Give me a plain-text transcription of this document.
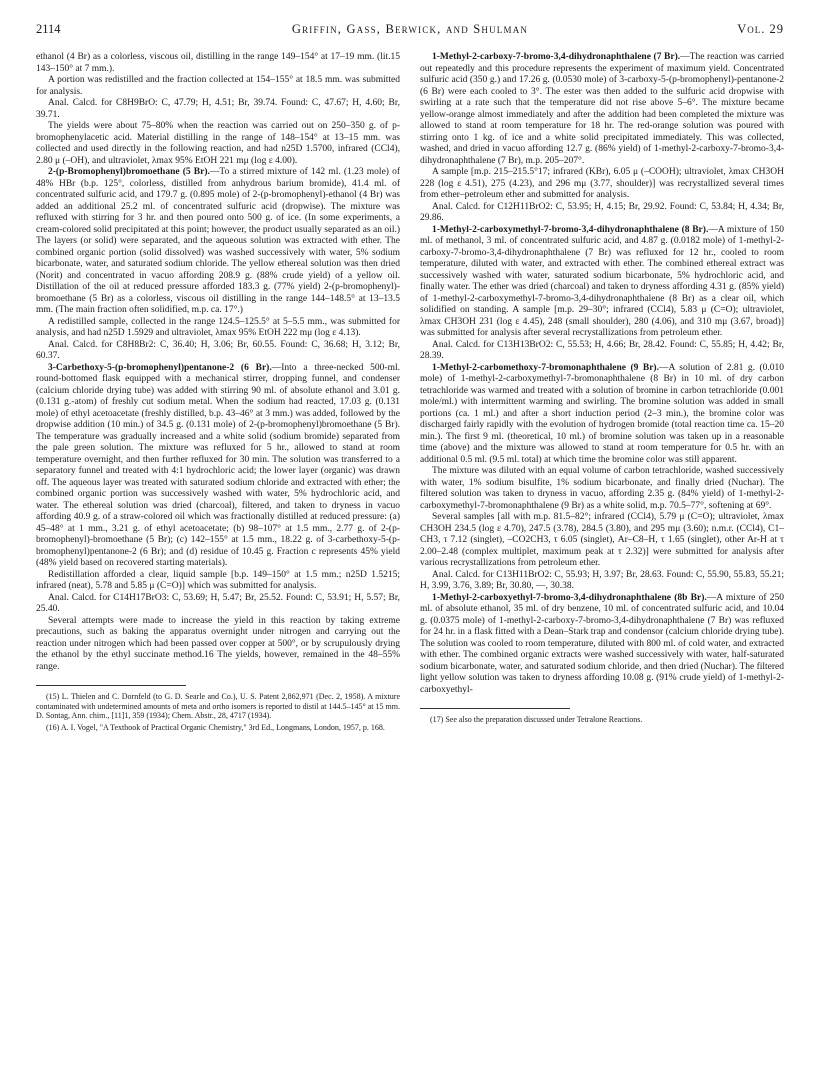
2114	Griffin, Gass, Berwick, and Shulman	Vol. 29

ethanol (4 Br) as a colorless, viscous oil, distilling in the range 149–154° at 17–19 mm. (lit.15 143–150° at 7 mm.).

A portion was redistilled and the fraction collected at 154–155° at 18.5 mm. was submitted for analysis.

Anal. Calcd. for C8H9BrO: C, 47.79; H, 4.51; Br, 39.74. Found: C, 47.67; H, 4.60; Br, 39.71.

The yields were about 75–80% when the reaction was carried out on 250–350 g. of p-bromophenylacetic acid. Material distilling in the range of 148–154° at 13–15 mm. was collected and used directly in the following reaction, and had n25D 1.5700, infrared (CCl4), 2.80 μ (–OH), and ultraviolet, λmax 95% EtOH 221 mμ (log ε 4.00).

2-(p-Bromophenyl)bromoethane (5 Br).—To a stirred mixture of 142 ml. (1.23 mole) of 48% HBr (b.p. 125°, colorless, distilled from anhydrous barium bromide), 41.4 ml. of concentrated sulfuric acid, and 179.7 g. (0.895 mole) of 2-(p-bromophenyl)-ethanol (4 Br) was added an additional 25.2 ml. of concentrated sulfuric acid (dropwise). The mixture was refluxed with stirring for 3 hr. and then poured onto 500 g. of ice. (In some experiments, a cream-colored solid precipitated at this point; however, the product usually separated as an oil.) The layers (or solid) were separated, and the aqueous solution was extracted with ether. The combined organic portion (solid dissolved) was washed successively with water, 5% sodium bicarbonate, water, and saturated sodium chloride. The yellow ethereal solution was then dried (Norit) and concentrated in vacuo affording 208.9 g. (88% crude yield) of a yellow oil. Distillation of the oil at reduced pressure afforded 183.3 g. (77% yield) 2-(p-bromophenyl)-bromoethane (5 Br) as a colorless, viscous oil distilling in the range 144–148.5° at 13–13.5 mm. (The main fraction often solidified, m.p. ca. 17°.)

A redistilled sample, collected in the range 124.5–125.5° at 5–5.5 mm., was submitted for analysis, and had n25D 1.5929 and ultraviolet, λmax 95% EtOH 222 mμ (log ε 4.13).

Anal. Calcd. for C8H8Br2: C, 36.40; H, 3.06; Br, 60.55. Found: C, 36.68; H, 3.12; Br, 60.37.

3-Carbethoxy-5-(p-bromophenyl)pentanone-2 (6 Br).—Into a three-necked 500-ml. round-bottomed flask equipped with a mechanical stirrer, dropping funnel, and condenser (calcium chloride drying tube) was added with stirring 90 ml. of absolute ethanol and 3.01 g. (0.131 g.-atom) of freshly cut sodium metal. When the sodium had reacted, 17.03 g. (0.131 mole) of ethyl acetoacetate (freshly distilled, b.p. 43–46° at 3 mm.) was added, followed by the dropwise addition (10 min.) of 34.5 g. (0.131 mole) of 2-(p-bromophenyl)bromoethane (5 Br). The temperature was gradually increased and a white solid (sodium bromide) separated from the pale green solution. The mixture was refluxed for 5 hr., allowed to stand at room temperature overnight, and then further refluxed for 30 min. The solution was transferred to a separatory funnel and treated with 4:1 hydrochloric acid; the lower layer (organic) was drawn off. The aqueous layer was treated with saturated sodium chloride and extracted with ether; the combined organic portion was successively washed with water, 5% hydrochloric acid, and water. The ethereal solution was dried (charcoal), filtered, and taken to dryness in vacuo affording 40.9 g. of a straw-colored oil which was fractionally distilled at reduced pressure: (a) 45–48° at 1 mm., 3.21 g. of ethyl acetoacetate; (b) 98–107° at 1.5 mm., 2.77 g. of 2-(p-bromophenyl)-bromoethane (5 Br); (c) 142–155° at 1.5 mm., 18.22 g. of 3-carbethoxy-5-(p-bromophenyl)pentanone-2 (6 Br); and (d) residue of 10.45 g. Fraction c represents 45% yield (48% yield based on recovered starting materials).

Redistillation afforded a clear, liquid sample [b.p. 149–150° at 1.5 mm.; n25D 1.5215; infrared (neat), 5.78 and 5.85 μ (C=O)] which was submitted for analysis.

Anal. Calcd. for C14H17BrO3: C, 53.69; H, 5.47; Br, 25.52. Found: C, 53.91; H, 5.57; Br, 25.40.

Several attempts were made to increase the yield in this reaction by taking extreme precautions, such as baking the apparatus overnight under nitrogen and carrying out the reaction under nitrogen which had been passed over copper at 500°, or by scrupulously drying the ethanol by the ethyl succinate method.16 The yields, however, remained in the 48–55% range.

(15) L. Thielen and C. Dornfeld (to G. D. Searle and Co.), U. S. Patent 2,862,971 (Dec. 2, 1958). A mixture contaminated with undetermined amounts of meta and ortho isomers is reported to distil at 144.5–145° at 15 mm. D. Sontag, Ann. chim., [11]1, 359 (1934); Chem. Abstr., 28, 4717 (1934).

(16) A. I. Vogel, "A Textbook of Practical Organic Chemistry," 3rd Ed., Longmans, London, 1957, p. 168.

1-Methyl-2-carboxy-7-bromo-3,4-dihydronaphthalene (7 Br).—The reaction was carried out repeatedly and this procedure represents the experiment of maximum yield. Concentrated sulfuric acid (350 g.) and 17.26 g. (0.0530 mole) of 3-carboxy-5-(p-bromophenyl)-pentanone-2 (6 Br) were each cooled to 3°. The ester was then added to the sulfuric acid dropwise with swirling at a rate such that the temperature did not rise above 5–6°. The mixture became yellow-orange almost immediately and after the addition had been completed the mixture was allowed to stand at room temperature for 18 hr. The red-orange solution was poured with stirring onto 1 kg. of ice and a white solid precipitated immediately. This was collected, washed, and dried in vacuo affording 12.7 g. (86% yield) of 1-methyl-2-carboxy-7-bromo-3,4-dihydronaphthalene (7 Br), m.p. 205–207°.

A sample [m.p. 215–215.5°17; infrared (KBr), 6.05 μ (–COOH); ultraviolet, λmax CH3OH 228 (log ε 4.51), 275 (4.23), and 296 mμ (3.77, shoulder)] was recrystallized several times from ether–petroleum ether and submitted for analysis.

Anal. Calcd. for C12H11BrO2: C, 53.95; H, 4.15; Br, 29.92. Found: C, 53.84; H, 4.34; Br, 29.86.

1-Methyl-2-carboxymethyl-7-bromo-3,4-dihydronaphthalene (8 Br).—A mixture of 150 ml. of methanol, 3 ml. of concentrated sulfuric acid, and 4.87 g. (0.0182 mole) of 1-methyl-2-carboxy-7-bromo-3,4-dihydronaphthalene (7 Br) was refluxed for 12 hr., cooled to room temperature, diluted with water, and extracted with ether. The combined ethereal extract was successively washed with water, saturated sodium bicarbonate, 5% hydrochloric acid, and finally water. The ether was dried (charcoal) and taken to dryness affording 4.31 g. (85% yield) of 1-methyl-2-carboxymethyl-7-bromo-3,4-dihydronaphthalene (8 Br) as a clear oil, which solidified on standing. A sample [m.p. 29–30°; infrared (CCl4), 5.83 μ (C=O); ultraviolet, λmax CH3OH 231 (log ε 4.45), 248 (small shoulder), 280 (4.06), and 310 mμ (3.67, broad)] was submitted for analysis after several recrystallizations from petroleum ether.

Anal. Calcd. for C13H13BrO2: C, 55.53; H, 4.66; Br, 28.42. Found: C, 55.85; H, 4.42; Br, 28.39.

1-Methyl-2-carbomethoxy-7-bromonaphthalene (9 Br).—A solution of 2.81 g. (0.010 mole) of 1-methyl-2-carboxymethyl-7-bromonaphthalene (8 Br) in 10 ml. of dry carbon tetrachloride was warmed and treated with a solution of bromine in carbon tetrachloride (0.001 mole/ml.) with intermittent warming and swirling. The bromine solution was added in small portions (ca. 1 ml.) and after a short induction period (2–3 min.), the bromine color was discharged fairly rapidly with the evolution of hydrogen bromide (total reaction time ca. 15–20 min.). The first 9 ml. (theoretical, 10 ml.) of bromine solution was taken up in a reasonable time (above) and the mixture was allowed to stand at room temperature for 0.5 hr. with an additional 0.5 ml. (9.5 ml. total) at which time the bromine color was still apparent.

The mixture was diluted with an equal volume of carbon tetrachloride, washed successively with water, 1% sodium bisulfite, 1% sodium bicarbonate, and finally dried (Nuchar). The filtered solution was taken to dryness in vacuo, affording 2.35 g. (84% yield) of 1-methyl-2-carboxymethyl-7-bromonaphthalene (9 Br) as a white solid, m.p. 70.5–77°, softening at 69°.

Several samples [all with m.p. 81.5–82°; infrared (CCl4), 5.79 μ (C=O); ultraviolet, λmax CH3OH 234.5 (log ε 4.70), 247.5 (3.78), 284.5 (3.80), and 295 mμ (3.60); n.m.r. (CCl4), C1–CH3, τ 7.12 (singlet), –CO2CH3, τ 6.05 (singlet), Ar–C8–H, τ 1.65 (singlet), other Ar-H at τ 2.00–2.48 (complex multiplet, maximum peak at τ 2.32)] were submitted for analysis after various recrystallizations from petroleum ether.

Anal. Calcd. for C13H11BrO2: C, 55.93; H, 3.97; Br, 28.63. Found: C, 55.90, 55.83, 55.21; H, 3.99, 3.76, 3.89; Br, 30.80, —, 30.38.

1-Methyl-2-carboxyethyl-7-bromo-3,4-dihydronaphthalene (8b Br).—A mixture of 250 ml. of absolute ethanol, 35 ml. of dry benzene, 10 ml. of concentrated sulfuric acid, and 10.04 g. (0.0375 mole) of 1-methyl-2-carboxy-7-bromo-3,4-dihydronaphthalene (7 Br) was refluxed for 24 hr. in a flask fitted with a Dean–Stark trap and condensor (calcium chloride drying tube). The solution was cooled to room temperature, diluted with 800 ml. of cold water, and extracted with ether. The combined organic extracts were washed successively with water, half-saturated sodium bicarbonate, water, and saturated sodium chloride, and then dried (Nuchar). The filtered light yellow solution was taken to dryness affording 10.08 g. (91% crude yield) of 1-methyl-2-carboxyethyl-

(17) See also the preparation discussed under Tetralone Reactions.
